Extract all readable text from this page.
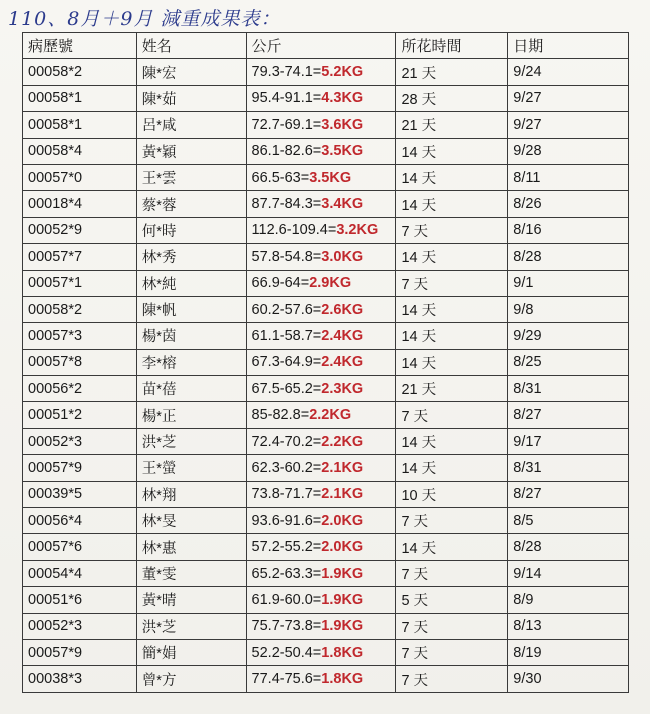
110、8月＋9月 減重成果表：
病歷號	姓名	公斤	所花時間	日期
00058*2	陳*宏	79.3-74.1=5.2KG	21 天	9/24
00058*1	陳*茹	95.4-91.1=4.3KG	28 天	9/27
00058*1	呂*咸	72.7-69.1=3.6KG	21 天	9/27
00058*4	黃*穎	86.1-82.6=3.5KG	14 天	9/28
00057*0	王*雲	66.5-63=3.5KG	14 天	8/11
00018*4	蔡*蓉	87.7-84.3=3.4KG	14 天	8/26
00052*9	何*時	112.6-109.4=3.2KG	7 天	8/16
00057*7	林*秀	57.8-54.8=3.0KG	14 天	8/28
00057*1	林*純	66.9-64=2.9KG	7 天	9/1
00058*2	陳*帆	60.2-57.6=2.6KG	14 天	9/8
00057*3	楊*茵	61.1-58.7=2.4KG	14 天	9/29
00057*8	李*榕	67.3-64.9=2.4KG	14 天	8/25
00056*2	苗*蓓	67.5-65.2=2.3KG	21 天	8/31
00051*2	楊*正	85-82.8=2.2KG	7 天	8/27
00052*3	洪*芝	72.4-70.2=2.2KG	14 天	9/17
00057*9	王*螢	62.3-60.2=2.1KG	14 天	8/31
00039*5	林*翔	73.8-71.7=2.1KG	10 天	8/27
00056*4	林*旻	93.6-91.6=2.0KG	7 天	8/5
00057*6	林*惠	57.2-55.2=2.0KG	14 天	8/28
00054*4	董*雯	65.2-63.3=1.9KG	7 天	9/14
00051*6	黃*晴	61.9-60.0=1.9KG	5 天	8/9
00052*3	洪*芝	75.7-73.8=1.9KG	7 天	8/13
00057*9	簡*娟	52.2-50.4=1.8KG	7 天	8/19
00038*3	曾*方	77.4-75.6=1.8KG	7 天	9/30
